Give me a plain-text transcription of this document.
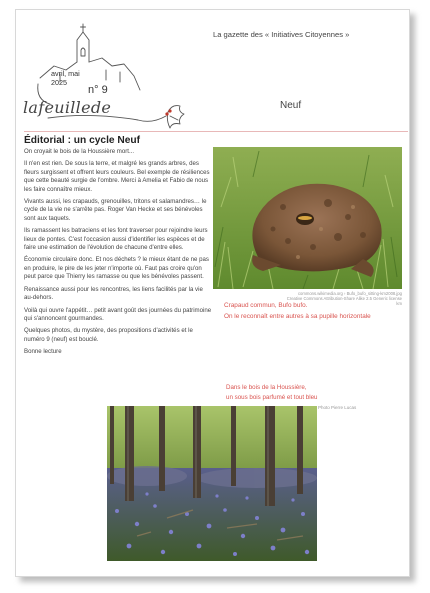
avril, mai
2025
n° 9
lafeuillede
La gazette des « Initiatives Citoyennes »
Neuf
Éditorial : un cycle Neuf

On croyait le bois de la Houssière mort...

Il n'en est rien. De sous la terre, et malgré les grands arbres, des fleurs surgissent et offrent leurs couleurs. Bel exemple de résiliences que cette beauté surgie de l'ombre. Merci à Amelia et Fabio de nous les faire connaître mieux.

Vivants aussi, les crapauds, grenouilles, tritons et salamandres… le cycle de la vie ne s'arrête pas. Roger Van Hecke et ses bénévoles sont aux taquets.

Ils ramassent les batraciens et les font traverser pour rejoindre leurs lieux de pontes. C'est l'occasion aussi d'identifier les espèces et de faire une estimation de l'évolution de chacune d'entre elles.

Économie circulaire donc. Et nos déchets ? le mieux étant de ne pas en produire, le pire de les jeter n'importe où. Faut pas croire qu'on peut parce que Thierry les ramasse ou que les bénévoles passent.

Renaissance aussi pour les rencontres, les liens facilités par la vie au-dehors.

Voilà qui ouvre l'appétit… petit avant goût des journées du patrimoine qui s'annoncent gourmandes.

Quelques photos, du mystère, des propositions d'activités et le numéro 9 (neuf) est bouclé.

Bonne lecture

commons.wikimedia.org › Bufo_bufo_sitting-km2008.jpg
Creative Commons Attribution-Share Alike 2.5 Generic license
km
Crapaud commun, Bufo bufo.
On le reconnaît entre autres à sa pupille horizontale
Dans le bois de la Houssière,
un sous bois parfumé et tout bleu
Photo Pierre Lucas
